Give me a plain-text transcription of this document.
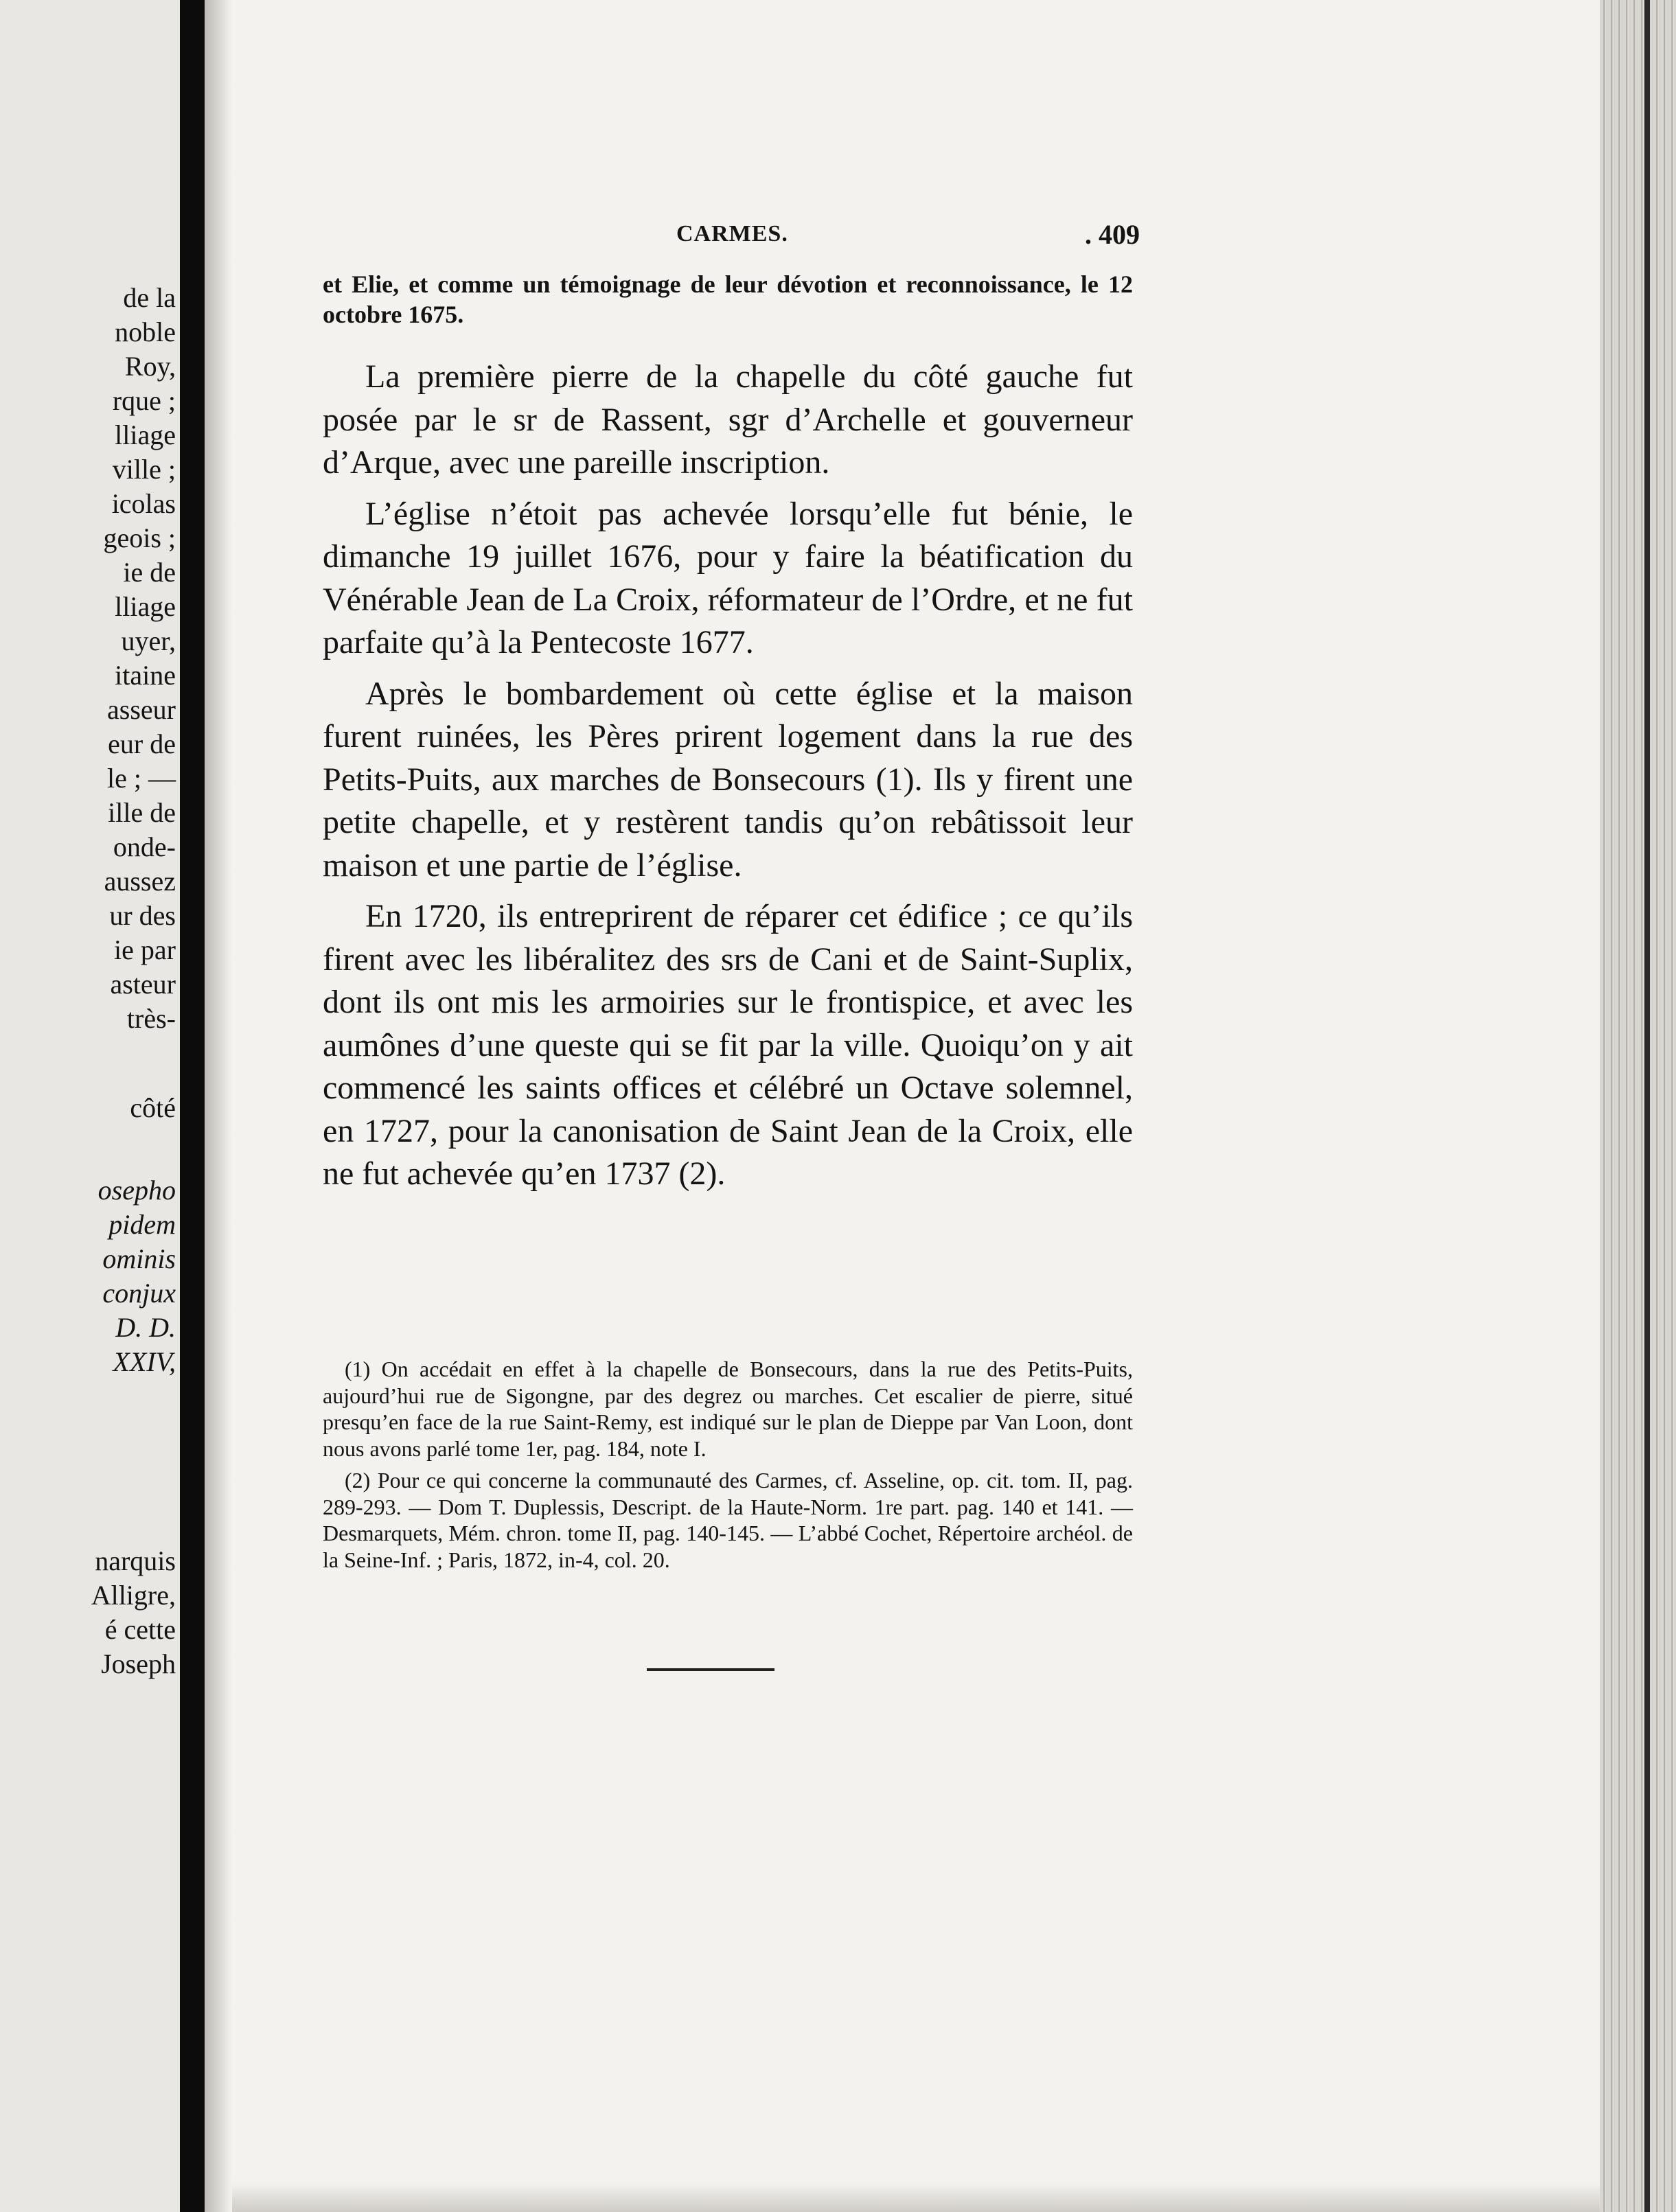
de la
noble
Roy,
rque ;
lliage
ville ;
icolas
geois ;
ie de
lliage
uyer,
itaine
asseur
eur de
le ; —
ille de
onde-
aussez
ur des
ie par
asteur
très-
côté
osepho
pidem
ominis
conjux
D. D.
XXIV,
narquis
Alligre,
é cette
Joseph
CARMES.	. 409

et Elie, et comme un témoignage de leur dévotion et reconnoissance, le 12 octobre 1675.

La première pierre de la chapelle du côté gauche fut posée par le sr de Rassent, sgr d’Archelle et gouverneur d’Arque, avec une pareille inscription.

L’église n’étoit pas achevée lorsqu’elle fut bénie, le dimanche 19 juillet 1676, pour y faire la béatification du Vénérable Jean de La Croix, réformateur de l’Ordre, et ne fut parfaite qu’à la Pentecoste 1677.

Après le bombardement où cette église et la maison furent ruinées, les Pères prirent logement dans la rue des Petits-Puits, aux marches de Bonsecours (1). Ils y firent une petite chapelle, et y restèrent tandis qu’on rebâtissoit leur maison et une partie de l’église.

En 1720, ils entreprirent de réparer cet édifice ; ce qu’ils firent avec les libéralitez des srs de Cani et de Saint-Suplix, dont ils ont mis les armoiries sur le frontispice, et avec les aumônes d’une queste qui se fit par la ville. Quoiqu’on y ait commencé les saints offices et célébré un Octave solemnel, en 1727, pour la canonisation de Saint Jean de la Croix, elle ne fut achevée qu’en 1737 (2).

(1) On accédait en effet à la chapelle de Bonsecours, dans la rue des Petits-Puits, aujourd’hui rue de Sigongne, par des degrez ou marches. Cet escalier de pierre, situé presqu’en face de la rue Saint-Remy, est indiqué sur le plan de Dieppe par Van Loon, dont nous avons parlé tome 1er, pag. 184, note I.

(2) Pour ce qui concerne la communauté des Carmes, cf. Asseline, op. cit. tom. II, pag. 289-293. — Dom T. Duplessis, Descript. de la Haute-Norm. 1re part. pag. 140 et 141. — Desmarquets, Mém. chron. tome II, pag. 140-145. — L’abbé Cochet, Répertoire archéol. de la Seine-Inf. ; Paris, 1872, in-4, col. 20.
